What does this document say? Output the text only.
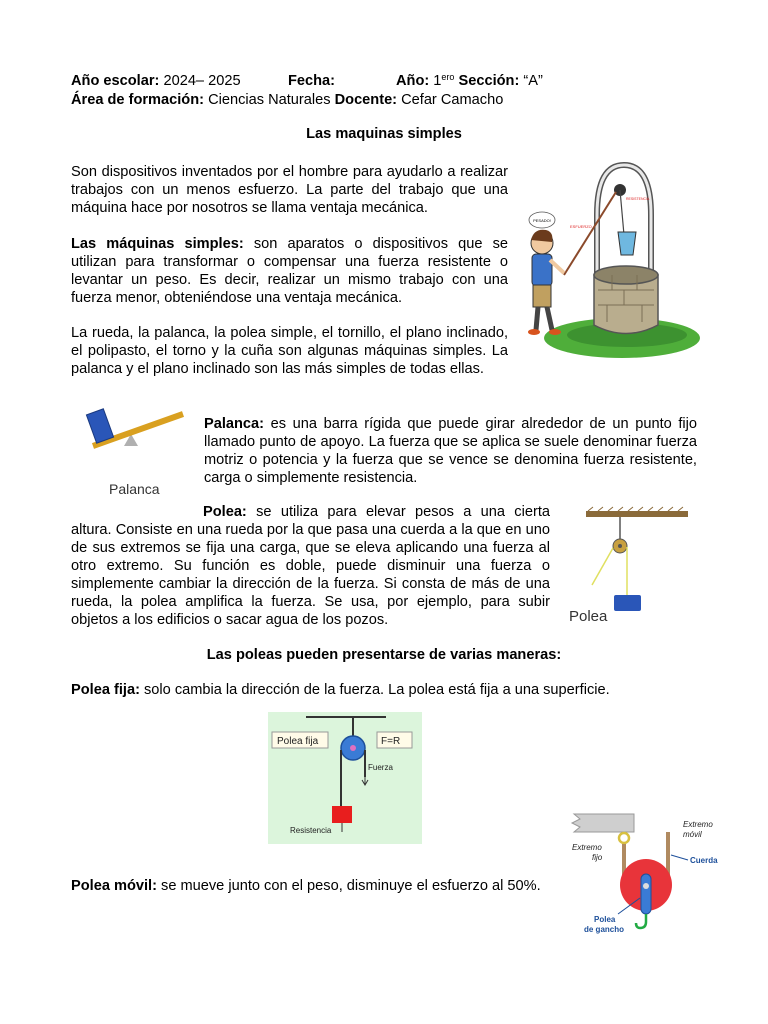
Año escolar: 2024– 2025	Fecha:	Año: $1^{ero}$ Sección: “A”
Área de formación: Ciencias Naturales Docente: Cefar Camacho
Las maquinas simples
Son dispositivos inventados por el hombre para ayudarlo a realizar trabajos con un menos esfuerzo. La parte del trabajo que una máquina hace por nosotros se llama ventaja mecánica.
Las máquinas simples: son aparatos o dispositivos que se utilizan para transformar o compensar una fuerza resistente o levantar un peso. Es decir, realizar un mismo trabajo con una fuerza menor, obteniéndose una ventaja mecánica.
La rueda, la palanca, la polea simple, el tornillo, el plano inclinado, el polipasto, el torno y la cuña son algunas máquinas simples. La palanca y el plano inclinado son las más simples de todas ellas.
PESADO!
ESFUERZO
RESISTENCIA
Palanca
Palanca: es una barra rígida que puede girar alrededor de un punto fijo llamado punto de apoyo. La fuerza que se aplica se suele denominar fuerza motriz o potencia y la fuerza que se vence se denomina fuerza resistente, carga o simplemente resistencia.
Polea: se utiliza para elevar pesos a una cierta altura. Consiste en una rueda por la que pasa una cuerda a la que en uno de sus extremos se fija una carga, que se eleva aplicando una fuerza al otro extremo. Su función es doble, puede disminuir una fuerza o simplemente cambiar la dirección de la fuerza. Si consta de más de una rueda, la polea amplifica la fuerza. Se usa, por ejemplo, para subir objetos a los edificios o sacar agua de los pozos.	Polea
Las poleas pueden presentarse de varias maneras:
Polea fija: solo cambia la dirección de la fuerza. La polea está fija a una superficie.
Polea fija	F=R
Fuerza
Resistencia
Polea móvil: se mueve junto con el peso, disminuye el esfuerzo al 50%.
Extremo
móvil
Extremo
fijo	Cuerda
Polea
de gancho
